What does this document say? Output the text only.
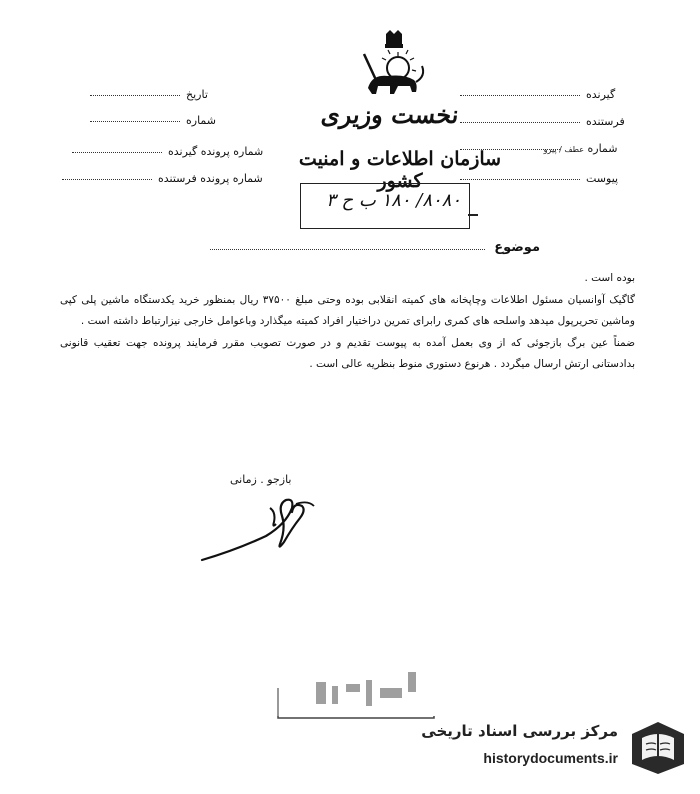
نخست وزیری
سازمان اطلاعات و امنیت کشور
۸۰۸۰/ ۱۸۰ ب ح ۳
تاریخ
شماره
شماره پرونده گیرنده
شماره پرونده فرستنده
گیرنده
فرستنده
شماره عطف / پیرو
پیوست
موضوع

بوده است .

گاگیک آوانسیان مسئول اطلاعات وچاپخانه های کمیته انقلابی بوده وحتی مبلغ ۳۷۵۰۰ ریال بمنظور خرید یکدستگاه ماشین پلی کپی وماشین تحریرپول میدهد واسلحه های کمری رابرای تمرین دراختیار افراد کمیته میگذارد وباعوامل خارجی نیزارتباط داشته است .

ضمناً عین برگ بازجوئی که از وی بعمل آمده به پیوست تقدیم و در صورت تصویب مقرر فرمایند پرونده جهت تعقیب قانونی بدادستانی ارتش ارسال میگردد . هرنوع دستوری منوط بنظریه عالی است .

بازجو . زمانی
مرکز بررسی اسناد تاریخی
historydocuments.ir
